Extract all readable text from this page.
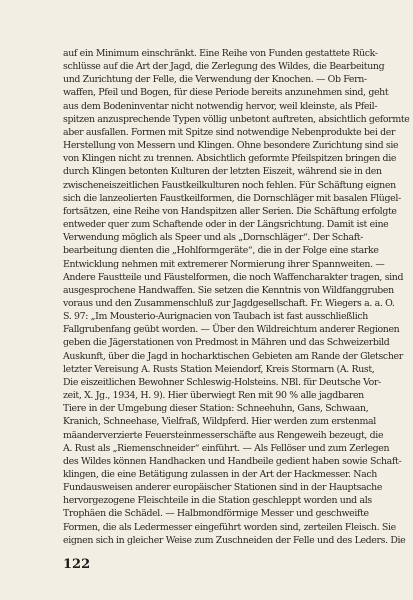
auf ein Minimum einschränkt. Eine Reihe von Funden gestattete Rück-
schlüsse auf die Art der Jagd, die Zerlegung des Wildes, die Bearbeitung
und Zurichtung der Felle, die Verwendung der Knochen. — Ob Fern-
waffen, Pfeil und Bogen, für diese Periode bereits anzunehmen sind, geht
aus dem Bodeninventar nicht notwendig hervor, weil kleinste, als Pfeil-
spitzen anzusprechende Typen völlig unbetont auftreten, absichtlich geformte
aber ausfallen. Formen mit Spitze sind notwendige Nebenprodukte bei der
Herstellung von Messern und Klingen. Ohne besondere Zurichtung sind sie
von Klingen nicht zu trennen. Absichtlich geformte Pfeilspitzen bringen die
durch Klingen betonten Kulturen der letzten Eiszeit, während sie in den
zwischeneiszeitlichen Faustkeilkulturen noch fehlen. Für Schäftung eignen
sich die lanzeolierten Faustkeilformen, die Dornschläger mit basalen Flügel-
fortsätzen, eine Reihe von Handspitzen aller Serien. Die Schäftung erfolgte
entweder quer zum Schaftende oder in der Längsrichtung. Damit ist eine
Verwendung möglich als Speer und als „Dornschläger“. Der Schaft-
bearbeitung dienten die „Hohlformgeräte“, die in der Folge eine starke
Entwicklung nehmen mit extremerer Normierung ihrer Spannweiten. —
Andere Faustteile und Fäustelformen, die noch Waffencharakter tragen, sind
ausgesprochene Handwaffen. Sie setzen die Kenntnis von Wildfanggruben
voraus und den Zusammenschluß zur Jagdgesellschaft. Fr. Wiegers a. a. O.
S. 97: „Im Mousterio-Aurignacien von Taubach ist fast ausschließlich
Fallgrubenfang geübt worden. — Über den Wildreichtum anderer Regionen
geben die Jägerstationen von Predmost in Mähren und das Schweizerbild
Auskunft, über die Jagd in hocharktischen Gebieten am Rande der Gletscher
letzter Vereisung A. Rusts Station Meiendorf, Kreis Stormarn (A. Rust,
Die eiszeitlichen Bewohner Schleswig-Holsteins. NBl. für Deutsche Vor-
zeit, X. Jg., 1934, H. 9). Hier überwiegt Ren mit 90 % alle jagdbaren
Tiere in der Umgebung dieser Station: Schneehuhn, Gans, Schwaan,
Kranich, Schneehase, Vielfraß, Wildpferd. Hier werden zum erstenmal
mäanderverzierte Feuersteinmesserschäfte aus Rengeweih bezeugt, die
A. Rust als „Riemenschneider“ einführt. — Als Fellöser und zum Zerlegen
des Wildes können Handhacken und Handbeile gedient haben sowie Schaft-
klingen, die eine Betätigung zulassen in der Art der Hackmesser. Nach
Fundausweisen anderer europäischer Stationen sind in der Hauptsache
hervorgezogene Fleischteile in die Station geschleppt worden und als
Trophäen die Schädel. — Halbmondförmige Messer und geschweifte
Formen, die als Ledermesser eingeführt worden sind, zerteilen Fleisch. Sie
eignen sich in gleicher Weise zum Zuschneiden der Felle und des Leders. Die
122
